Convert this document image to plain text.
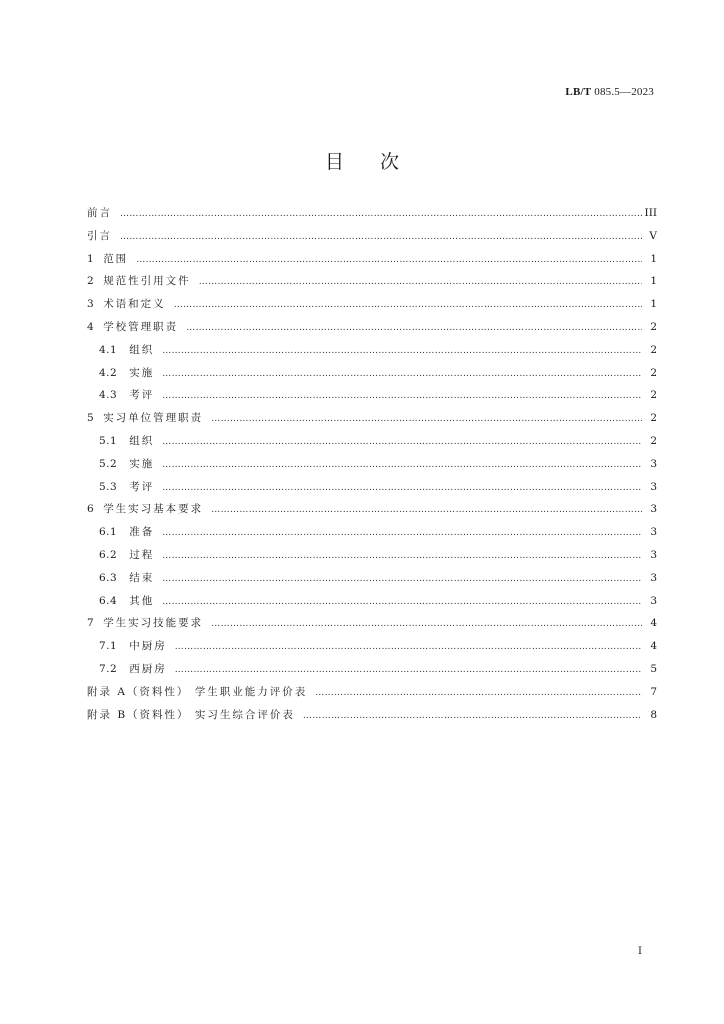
LB/T 085.5—2023
目次
前言 ……………………………………………………………………………………………………………………………………………………………………………………	III
引言 ……………………………………………………………………………………………………………………………………………………………………………………	V
1 范围 ……………………………………………………………………………………………………………………………………………………………………………………	1
2 规范性引用文件 ……………………………………………………………………………………………………………………………………………………………………………………	1
3 术语和定义 ……………………………………………………………………………………………………………………………………………………………………………………	1
4 学校管理职责 ……………………………………………………………………………………………………………………………………………………………………………………	2
4.1 组织 ……………………………………………………………………………………………………………………………………………………………………………………	2
4.2 实施 ……………………………………………………………………………………………………………………………………………………………………………………	2
4.3 考评 ……………………………………………………………………………………………………………………………………………………………………………………	2
5 实习单位管理职责 ……………………………………………………………………………………………………………………………………………………………………………………	2
5.1 组织 ……………………………………………………………………………………………………………………………………………………………………………………	2
5.2 实施 ……………………………………………………………………………………………………………………………………………………………………………………	3
5.3 考评 ……………………………………………………………………………………………………………………………………………………………………………………	3
6 学生实习基本要求 ……………………………………………………………………………………………………………………………………………………………………………………	3
6.1 准备 ……………………………………………………………………………………………………………………………………………………………………………………	3
6.2 过程 ……………………………………………………………………………………………………………………………………………………………………………………	3
6.3 结束 ……………………………………………………………………………………………………………………………………………………………………………………	3
6.4 其他 ……………………………………………………………………………………………………………………………………………………………………………………	3
7 学生实习技能要求 ……………………………………………………………………………………………………………………………………………………………………………………	4
7.1 中厨房 ……………………………………………………………………………………………………………………………………………………………………………………	4
7.2 西厨房 ……………………………………………………………………………………………………………………………………………………………………………………	5
附录 A（资料性） 学生职业能力评价表 ……………………………………………………………………………………………………………………………………………………………………………………	7
附录 B（资料性） 实习生综合评价表 ……………………………………………………………………………………………………………………………………………………………………………………	8
I
